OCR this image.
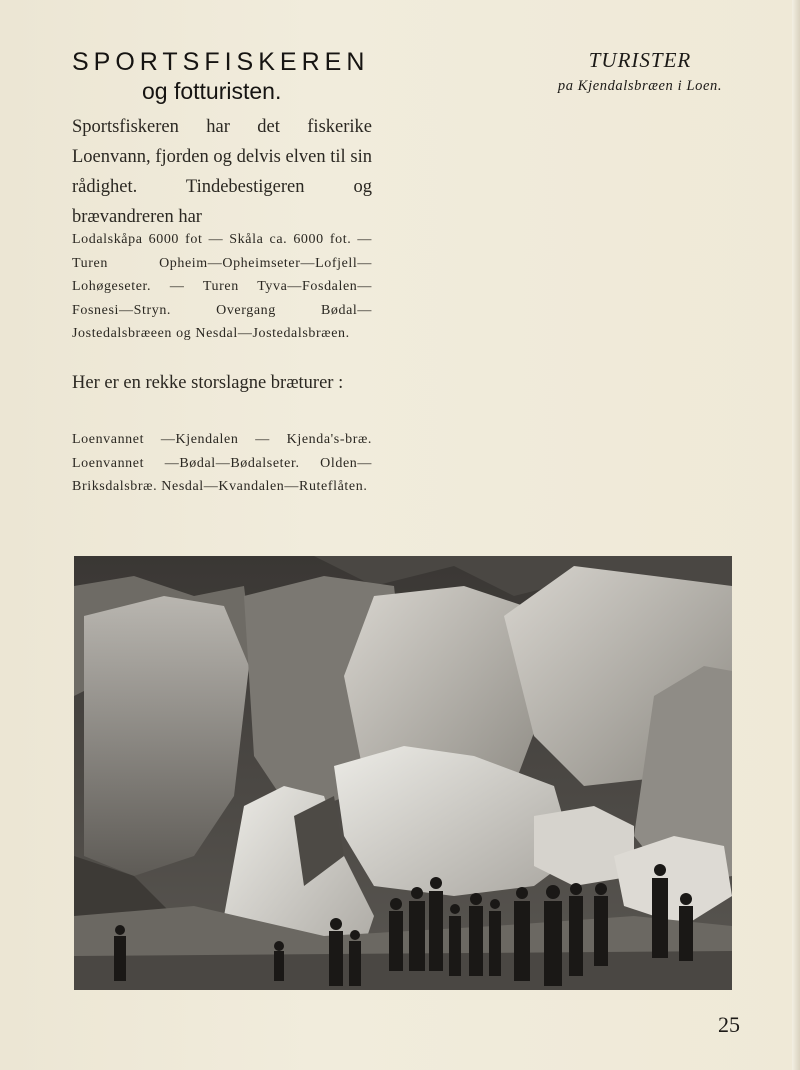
SPORTSFISKEREN
og fotturisten.
Sportsfiskeren har det fiskerike Loenvann, fjorden og delvis elven til sin rådighet. Tindebestigeren og brævandreren har
Lodalskåpa 6000 fot — Skåla ca. 6000 fot. — Turen Opheim—Opheimseter—Lofjell—Lohøgeseter. — Turen Tyva—Fosdalen—Fosnesi—Stryn. Overgang Bødal—Jostedalsbræeen og Nesdal—Jostedalsbræen.
Her er en rekke storslagne bræturer :
Loenvannet —Kjendalen — Kjenda's-bræ. Loenvannet —Bødal—Bødalseter. Olden—Briksdalsbræ. Nesdal—Kvandalen—Ruteflåten.
TURISTER
pa Kjendalsbræen i Loen.
25
